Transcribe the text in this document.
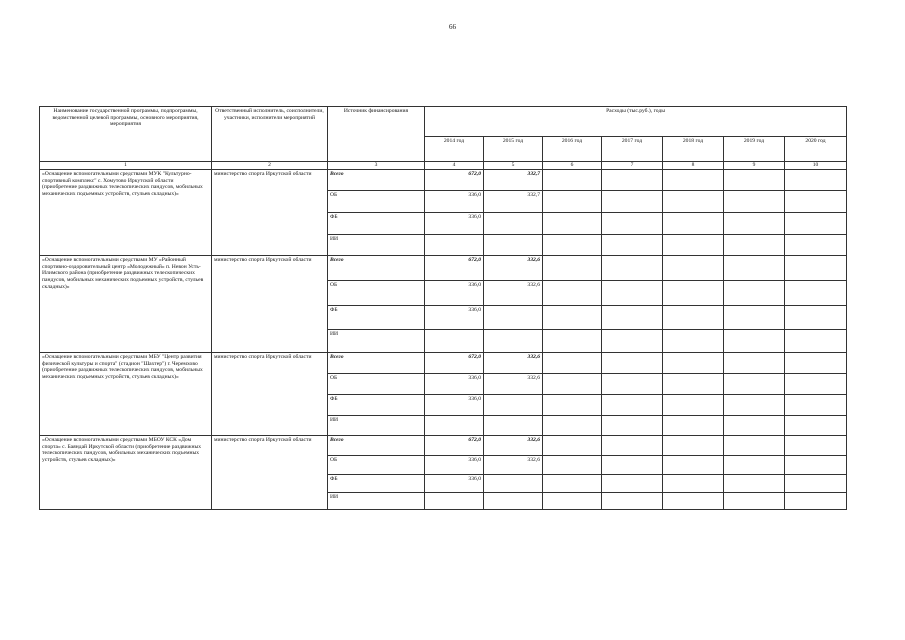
66
Наименование государственной программы, подпрограммы, ведомственной целевой программы, основного мероприятия, мероприятия	Ответственный исполнитель, соисполнители, участники, исполнители мероприятий	Источник финансирования	Расходы (тыс.руб.), годы						
			2014 год	2015 год	2016 год	2017 год	2018 год	2019 год	2020 год
1	2	3	4	5	6	7	8	9	10
«Оснащение вспомогательными средствами МУК "Культурно-спортивный комплекс" с. Хомутово Иркутской области (приобретение раздвижных телескопических пандусов, мобильных механических подъемных устройств, стульев складных)»	министерство спорта Иркутской области	Всего	672,0	332,7					
		ОБ	336,0	332,7					
		ФБ	336,0						
		ИИ							
«Оснащение вспомогательными средствами МУ «Районный спортивно-оздоровительный центр «Молодежный» п. Невон Усть-Илимского района (приобретение раздвижных телескопических пандусов, мобильных механических подъемных устройств, стульев складных)»	министерство спорта Иркутской области	Всего	672,0	332,6					
		ОБ	336,0	332,6					
		ФБ	336,0						
		ИИ							
«Оснащение вспомогательными средствами МБУ "Центр развития физической культуры и спорта" (стадион "Шахтер") г. Черемхово (приобретение раздвижных телескопических пандусов, мобильных механических подъемных устройств, стульев складных)»	министерство спорта Иркутской области	Всего	672,0	332,6					
		ОБ	336,0	332,6					
		ФБ	336,0						
		ИИ							
«Оснащение вспомогательными средствами МБОУ КСК «Дом спорта» с. Баяндай Иркутской области (приобретение раздвижных телескопических пандусов, мобильных механических подъемных устройств, стульев складных)»	министерство спорта Иркутской области	Всего	672,0	332,6					
		ОБ	336,0	332,6					
		ФБ	336,0						
		ИИ							
